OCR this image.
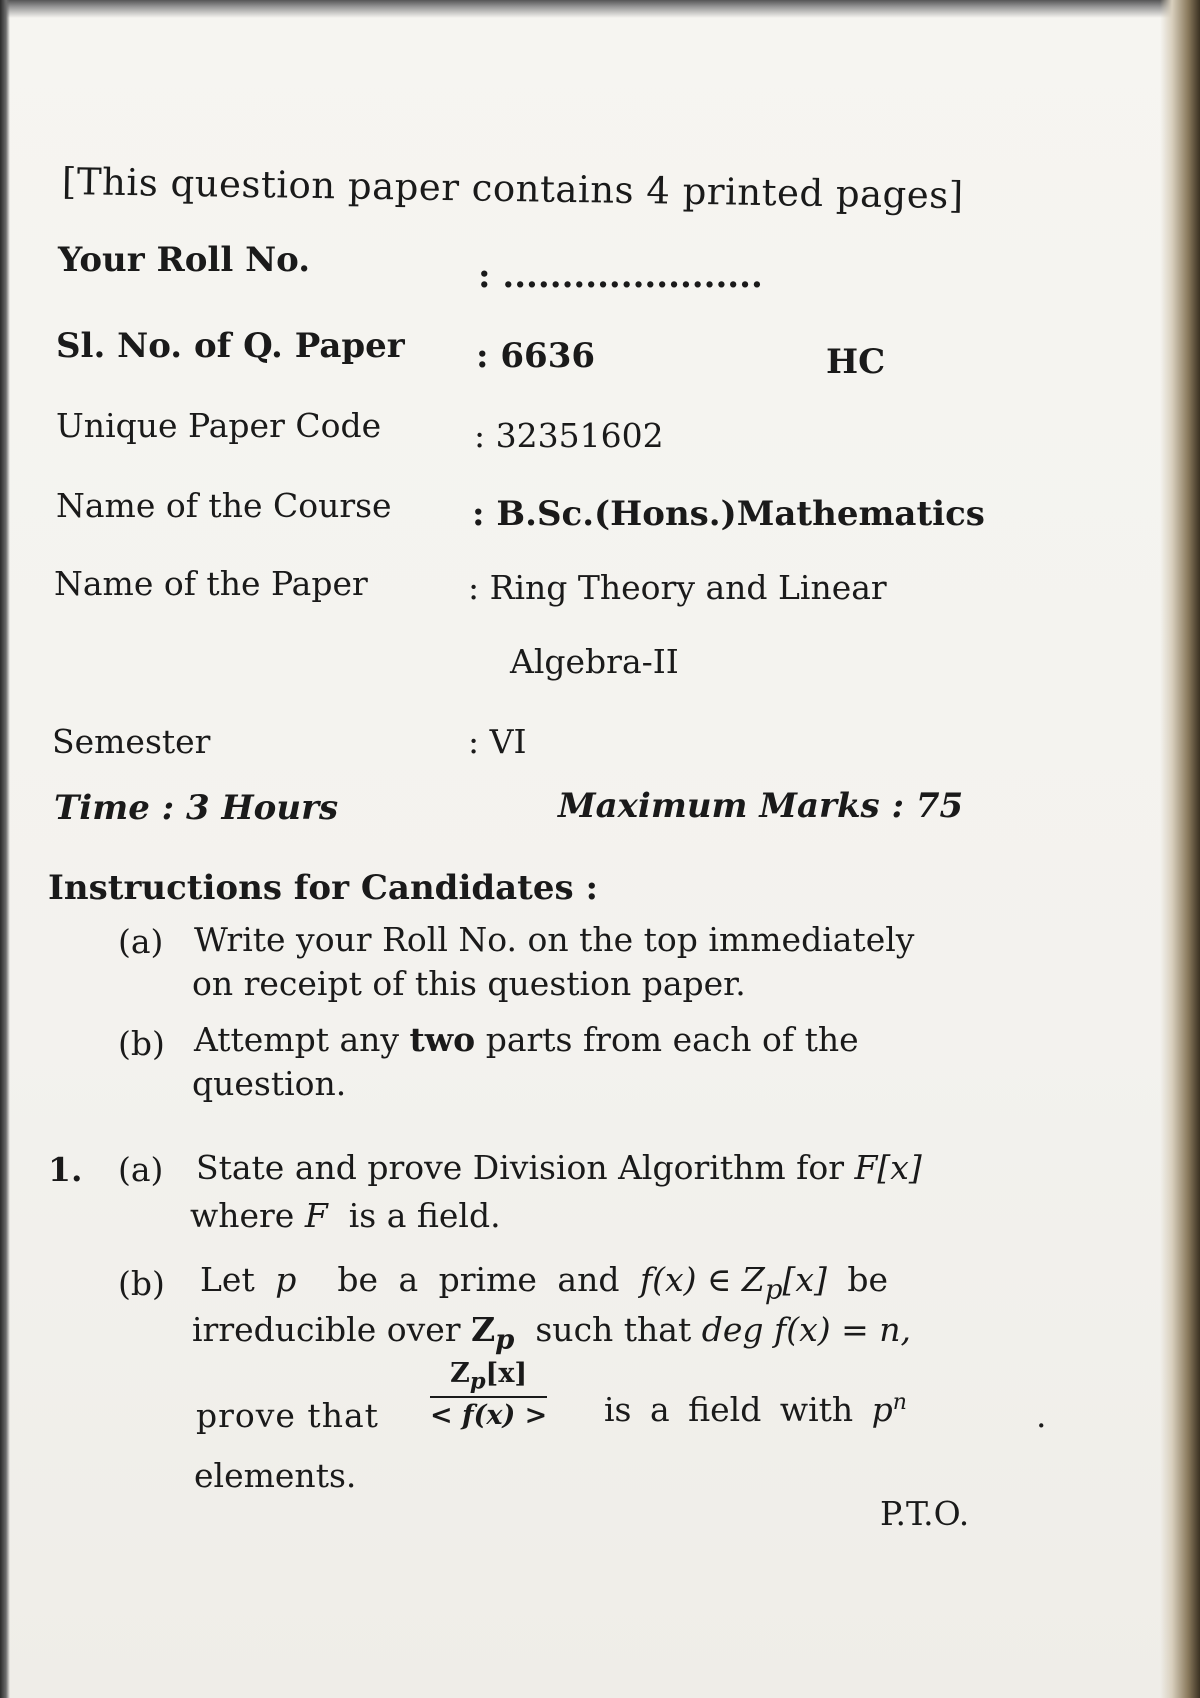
[This question paper contains 4 printed pages]
Your Roll No.	: ......................
Sl. No. of Q. Paper : 6636	HC
Unique Paper Code	: 32351602
Name of the Course : B.Sc.(Hons.)Mathematics
Name of the Paper	: Ring Theory and Linear
Algebra-II
Semester	: VI
Time : 3 Hours	Maximum Marks : 75
Instructions for Candidates :
(a) Write your Roll No. on the top immediately
on receipt of this question paper.
(b) Attempt any two parts from each of the
question.
1. (a) State and prove Division Algorithm for F[x]
where F is a field.
(b) Let p be a prime and f(x) ∈ $Z_p[x]$ be
irreducible over $Z_p$ such that deg f(x) = n,
prove that $\frac{Z_p[x]}{< f(x) >}$ is a field with $p^n$	.
elements.
P.T.O.
